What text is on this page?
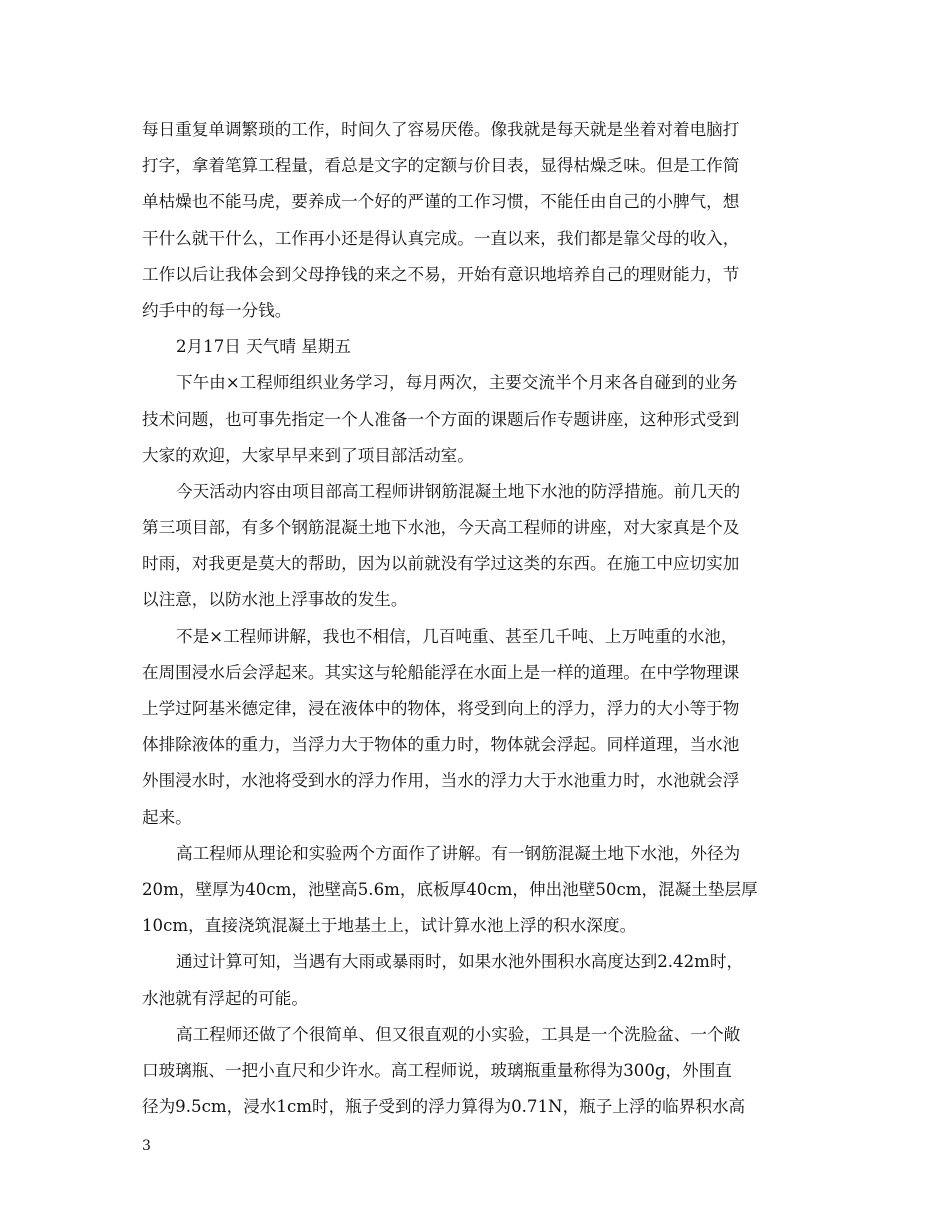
每日重复单调繁琐的工作，时间久了容易厌倦。像我就是每天就是坐着对着电脑打
打字，拿着笔算工程量，看总是文字的定额与价目表，显得枯燥乏味。但是工作简
单枯燥也不能马虎，要养成一个好的严谨的工作习惯，不能任由自己的小脾气，想
干什么就干什么，工作再小还是得认真完成。一直以来，我们都是靠父母的收入，
工作以后让我体会到父母挣钱的来之不易，开始有意识地培养自己的理财能力，节
约手中的每一分钱。
2月17日 天气晴 星期五
下午由×工程师组织业务学习，每月两次，主要交流半个月来各自碰到的业务
技术问题，也可事先指定一个人准备一个方面的课题后作专题讲座，这种形式受到
大家的欢迎，大家早早来到了项目部活动室。
今天活动内容由项目部高工程师讲钢筋混凝土地下水池的防浮措施。前几天的
第三项目部，有多个钢筋混凝土地下水池，今天高工程师的讲座，对大家真是个及
时雨，对我更是莫大的帮助，因为以前就没有学过这类的东西。在施工中应切实加
以注意，以防水池上浮事故的发生。
不是×工程师讲解，我也不相信，几百吨重、甚至几千吨、上万吨重的水池，
在周围浸水后会浮起来。其实这与轮船能浮在水面上是一样的道理。在中学物理课
上学过阿基米德定律，浸在液体中的物体，将受到向上的浮力，浮力的大小等于物
体排除液体的重力，当浮力大于物体的重力时，物体就会浮起。同样道理，当水池
外围浸水时，水池将受到水的浮力作用，当水的浮力大于水池重力时，水池就会浮
起来。
高工程师从理论和实验两个方面作了讲解。有一钢筋混凝土地下水池，外径为
20m，壁厚为40cm，池壁高5.6m，底板厚40cm，伸出池壁50cm，混凝土垫层厚
10cm，直接浇筑混凝土于地基土上，试计算水池上浮的积水深度。
通过计算可知，当遇有大雨或暴雨时，如果水池外围积水高度达到2.42m时，
水池就有浮起的可能。
高工程师还做了个很简单、但又很直观的小实验，工具是一个洗脸盆、一个敞
口玻璃瓶、一把小直尺和少许水。高工程师说，玻璃瓶重量称得为300g，外围直
径为9.5cm，浸水1cm时，瓶子受到的浮力算得为0.71N，瓶子上浮的临界积水高
3
